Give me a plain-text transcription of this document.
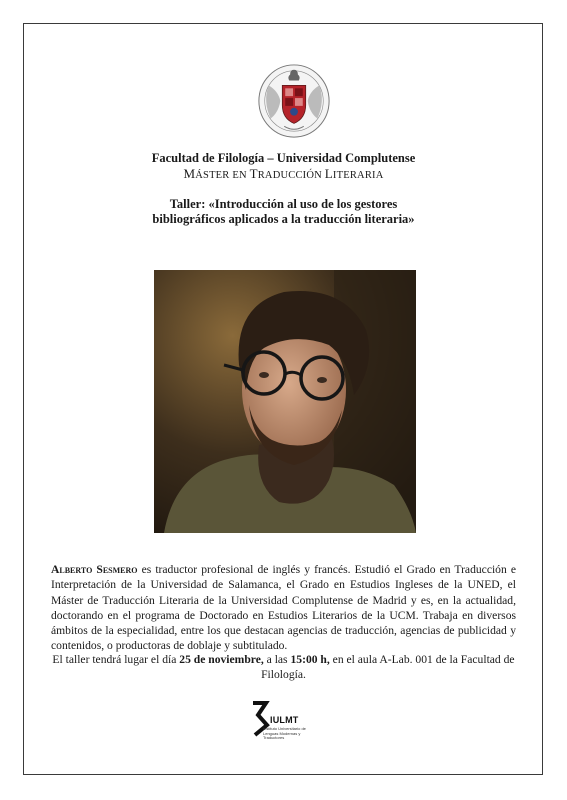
Facultad de Filología – Universidad Complutense
MÁSTER EN TRADUCCIÓN LITERARIA
Taller: «Introducción al uso de los gestores
bibliográficos aplicados a la traducción literaria»
Alberto Sesmero es traductor profesional de inglés y francés. Estudió el Grado en Traducción e Interpretación de la Universidad de Salamanca, el Grado en Estudios Ingleses de la UNED, el Máster de Traducción Literaria de la Universidad Complutense de Madrid y es, en la actualidad, doctorando en el programa de Doctorado en Estudios Literarios de la UCM. Trabaja en diversos ámbitos de la especialidad, entre los que destacan agencias de traducción, agencias de publicidad y contenidos, o productoras de doblaje y subtitulado.
El taller tendrá lugar el día 25 de noviembre, a las 15:00 h, en el aula A-Lab. 001 de la Facultad de Filología.
IULMT
Instituto Universitario de Lenguas Modernas y Traductores
